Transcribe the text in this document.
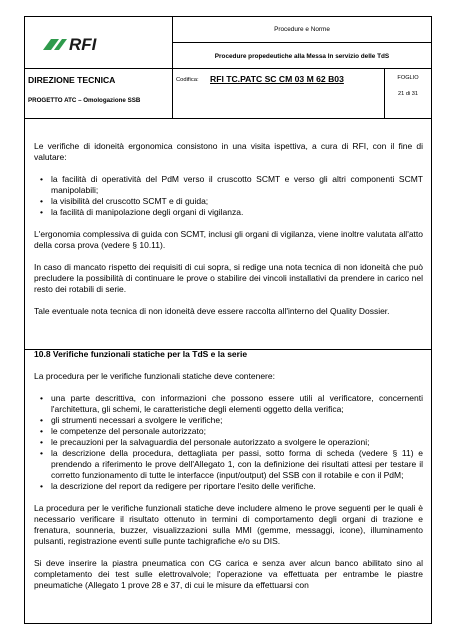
RFI
Procedure e Norme
Procedure propedeutiche alla Messa In servizio delle TdS
DIREZIONE TECNICA
PROGETTO ATC – Omologazione SSB
Codifica: RFI TC.PATC SC CM 03 M 62 B03	FOGLIO
21 di 31

Le verifiche di idoneità ergonomica consistono in una visita ispettiva, a cura di RFI, con il fine di valutare:

• la facilità di operatività del PdM verso il cruscotto SCMT e verso gli altri componenti SCMT manipolabili;
• la visibilità del cruscotto SCMT e di guida;
• la facilità di manipolazione degli organi di vigilanza.

L'ergonomia complessiva di guida con SCMT, inclusi gli organi di vigilanza, viene inoltre valutata all'atto della corsa prova (vedere § 10.11).

In caso di mancato rispetto dei requisiti di cui sopra, si redige una nota tecnica di non idoneità che può precludere la possibilità di continuare le prove o stabilire dei vincoli installativi da prendere in carico nel resto dei rotabili di serie.

Tale eventuale nota tecnica di non idoneità deve essere raccolta all'interno del Quality Dossier.

10.8 Verifiche funzionali statiche per la TdS e la serie

La procedura per le verifiche funzionali statiche deve contenere:

• una parte descrittiva, con informazioni che possono essere utili al verificatore, concernenti l'architettura, gli schemi, le caratteristiche degli elementi oggetto della verifica;
• gli strumenti necessari a svolgere le verifiche;
• le competenze del personale autorizzato;
• le precauzioni per la salvaguardia del personale autorizzato a svolgere le operazioni;
• la descrizione della procedura, dettagliata per passi, sotto forma di scheda (vedere § 11) e prendendo a riferimento le prove dell'Allegato 1, con la definizione dei risultati attesi per testare il corretto funzionamento di tutte le interfacce (input/output) del SSB con il rotabile e con il PdM;
• la descrizione del report da redigere per riportare l'esito delle verifiche.

La procedura per le verifiche funzionali statiche deve includere almeno le prove seguenti per le quali è necessario verificare il risultato ottenuto in termini di comportamento degli organi di trazione e frenatura, sounneria, buzzer, visualizzazioni sulla MMI (gemme, messaggi, icone), illuminamento pulsanti, registrazione eventi sulle punte tachigrafiche e/o su DIS.

Si deve inserire la piastra pneumatica con CG carica e senza aver alcun banco abilitato sino al completamento dei test sulle elettrovalvole; l'operazione va effettuata per entrambe le piastre pneumatiche (Allegato 1 prove 28 e 37, di cui le misure da effettuarsi con
